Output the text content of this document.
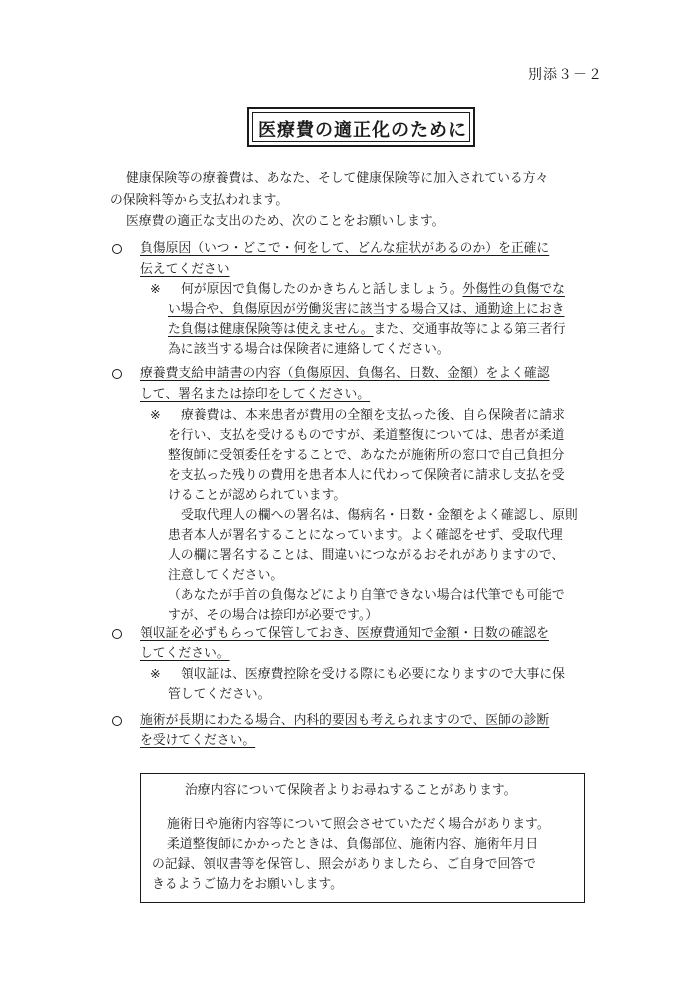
別添３－２
医療費の適正化のために
健康保険等の療養費は、あなた、そして健康保険等に加入されている方々
の保険料等から支払われます。
医療費の適正な支出のため、次のことをお願いします。
負傷原因（いつ・どこで・何をして、どんな症状があるのか）を正確に
伝えてください
※ 何が原因で負傷したのかきちんと話しましょう。外傷性の負傷でな
い場合や、負傷原因が労働災害に該当する場合又は、通勤途上におき
た負傷は健康保険等は使えません。また、交通事故等による第三者行
為に該当する場合は保険者に連絡してください。
療養費支給申請書の内容（負傷原因、負傷名、日数、金額）をよく確認
して、署名または捺印をしてください。
※ 療養費は、本来患者が費用の全額を支払った後、自ら保険者に請求
を行い、支払を受けるものですが、柔道整復については、患者が柔道
整復師に受領委任をすることで、あなたが施術所の窓口で自己負担分
を支払った残りの費用を患者本人に代わって保険者に請求し支払を受
けることが認められています。
受取代理人の欄への署名は、傷病名・日数・金額をよく確認し、原則
患者本人が署名することになっています。よく確認をせず、受取代理
人の欄に署名することは、間違いにつながるおそれがありますので、
注意してください。
（あなたが手首の負傷などにより自筆できない場合は代筆でも可能で
すが、その場合は捺印が必要です。）
領収証を必ずもらって保管しておき、医療費通知で金額・日数の確認を
してください。
※ 領収証は、医療費控除を受ける際にも必要になりますので大事に保
管してください。
施術が長期にわたる場合、内科的要因も考えられますので、医師の診断
を受けてください。
治療内容について保険者よりお尋ねすることがあります。
施術日や施術内容等について照会させていただく場合があります。
柔道整復師にかかったときは、負傷部位、施術内容、施術年月日
の記録、領収書等を保管し、照会がありましたら、ご自身で回答で
きるようご協力をお願いします。
